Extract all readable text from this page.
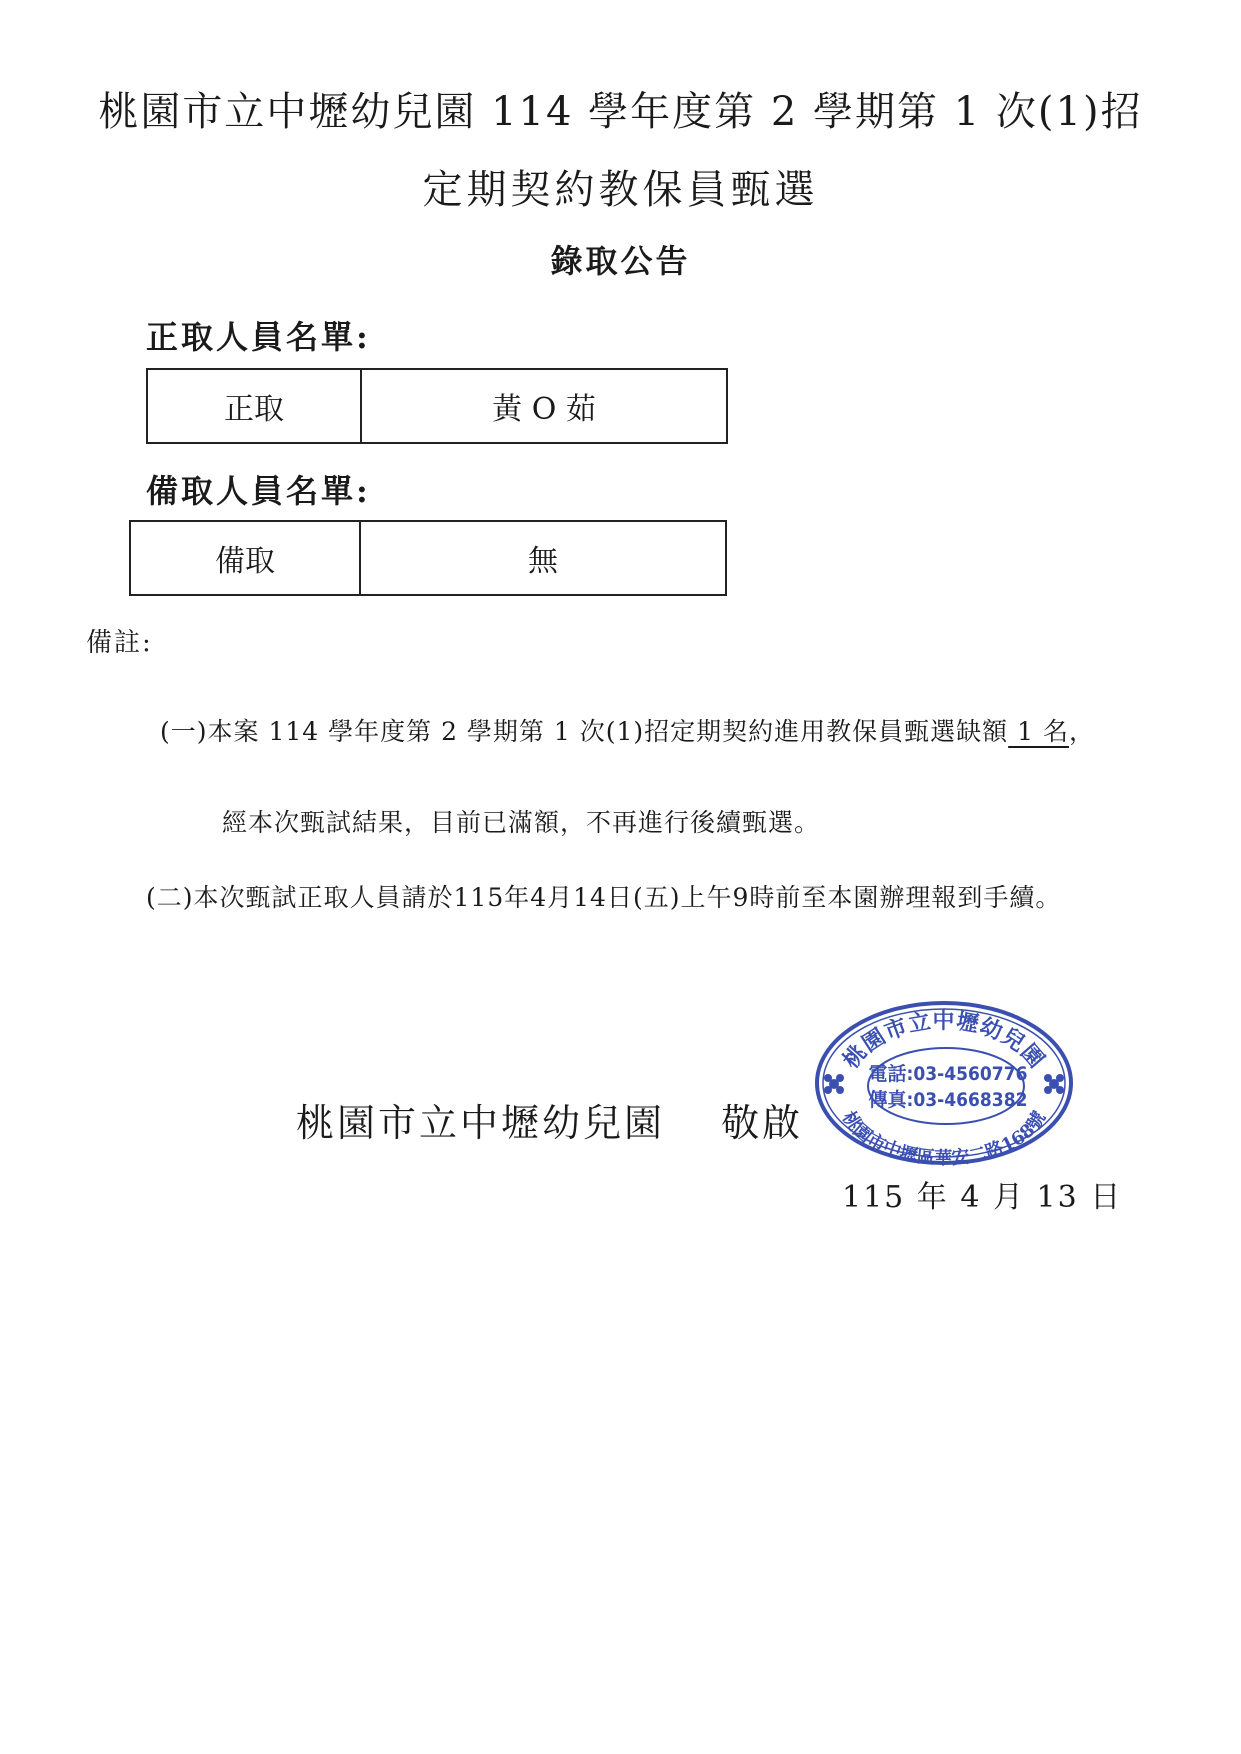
桃園市立中壢幼兒園 114 學年度第 2 學期第 1 次(1)招
定期契約教保員甄選
錄取公告
正取人員名單:
正取	黃 O 茹
備取人員名單:
備取	無
備註:
(一)本案 114 學年度第 2 學期第 1 次(1)招定期契約進用教保員甄選缺額 1 名，
經本次甄試結果，目前已滿額，不再進行後續甄選。
(二)本次甄試正取人員請於115年4月14日(五)上午9時前至本園辦理報到手續。
桃園市立中壢幼兒園　 敬啟
桃園市立中壢幼兒園
電話:03-4560776
傳真:03-4668382
桃園市中壢區華安二路168號
115 年 4 月 13 日
